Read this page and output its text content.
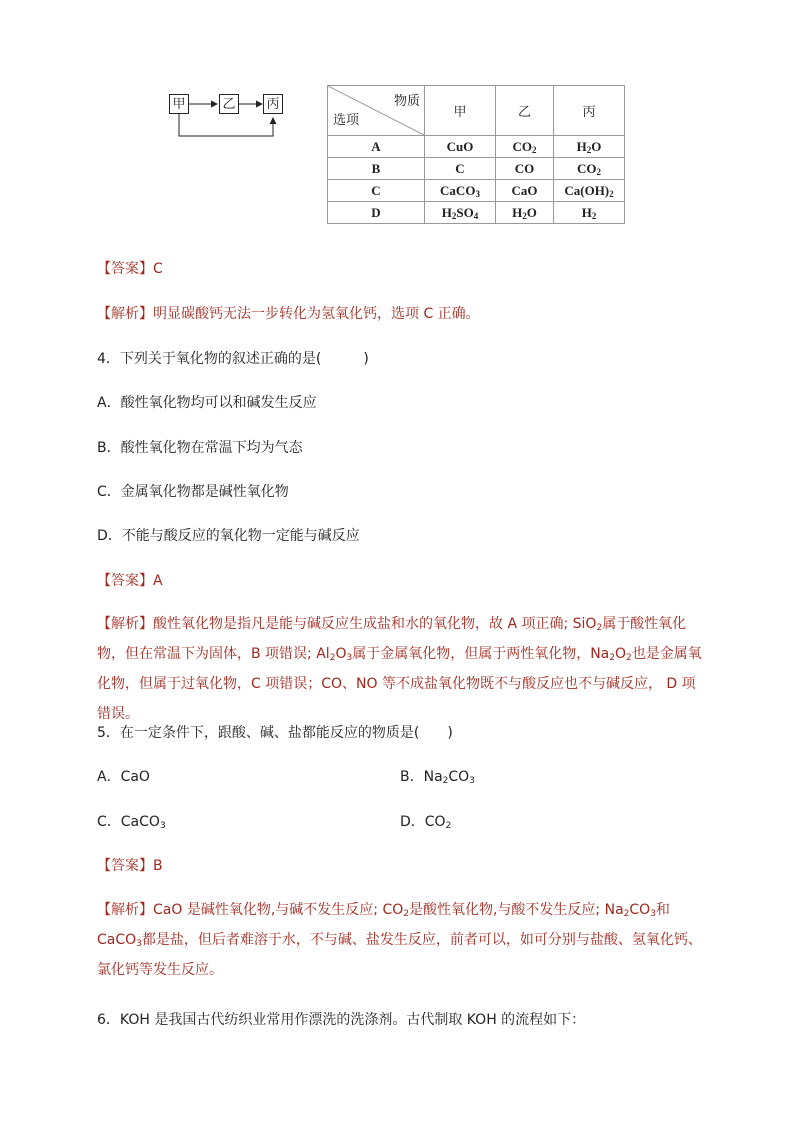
甲	乙 丙	物质
选项	甲	乙	丙
A	CuO	$CO_2$	$H_2O$
B	C	CO	$CO_2$
C	CaCO$_3$	CaO	$Ca(OH)_2$
D	$H_2SO_4$	$H_2O$	$H_2$
【答案】C
【解析】明显碳酸钙无法一步转化为氢氧化钙，选项 C 正确。
4．下列关于氧化物的叙述正确的是(　　　)
A．酸性氧化物均可以和碱发生反应
B．酸性氧化物在常温下均为气态
C．金属氧化物都是碱性氧化物
D．不能与酸反应的氧化物一定能与碱反应
【答案】A
【解析】酸性氧化物是指凡是能与碱反应生成盐和水的氧化物，故 A 项正确; SiO$_2$属于酸性氧化物，但在常温下为固体，B 项错误; $Al_2O_3$属于金属氧化物，但属于两性氧化物，$Na_2O_2$也是金属氧化物，但属于过氧化物，C 项错误；CO、NO 等不成盐氧化物既不与酸反应也不与碱反应， D 项错误。
5．在一定条件下，跟酸、碱、盐都能反应的物质是(　　)
A．CaO	B．$Na_2CO_3$
C．CaCO$_3$	D．$CO_2$
【答案】B
【解析】CaO 是碱性氧化物,与碱不发生反应; $CO_2$是酸性氧化物,与酸不发生反应; $Na_2CO_3$和 CaCO$_3$都是盐，但后者难溶于水，不与碱、盐发生反应，前者可以，如可分别与盐酸、氢氧化钙、氯化钙等发生反应。
6．KOH 是我国古代纺织业常用作漂洗的洗涤剂。古代制取 KOH 的流程如下：
